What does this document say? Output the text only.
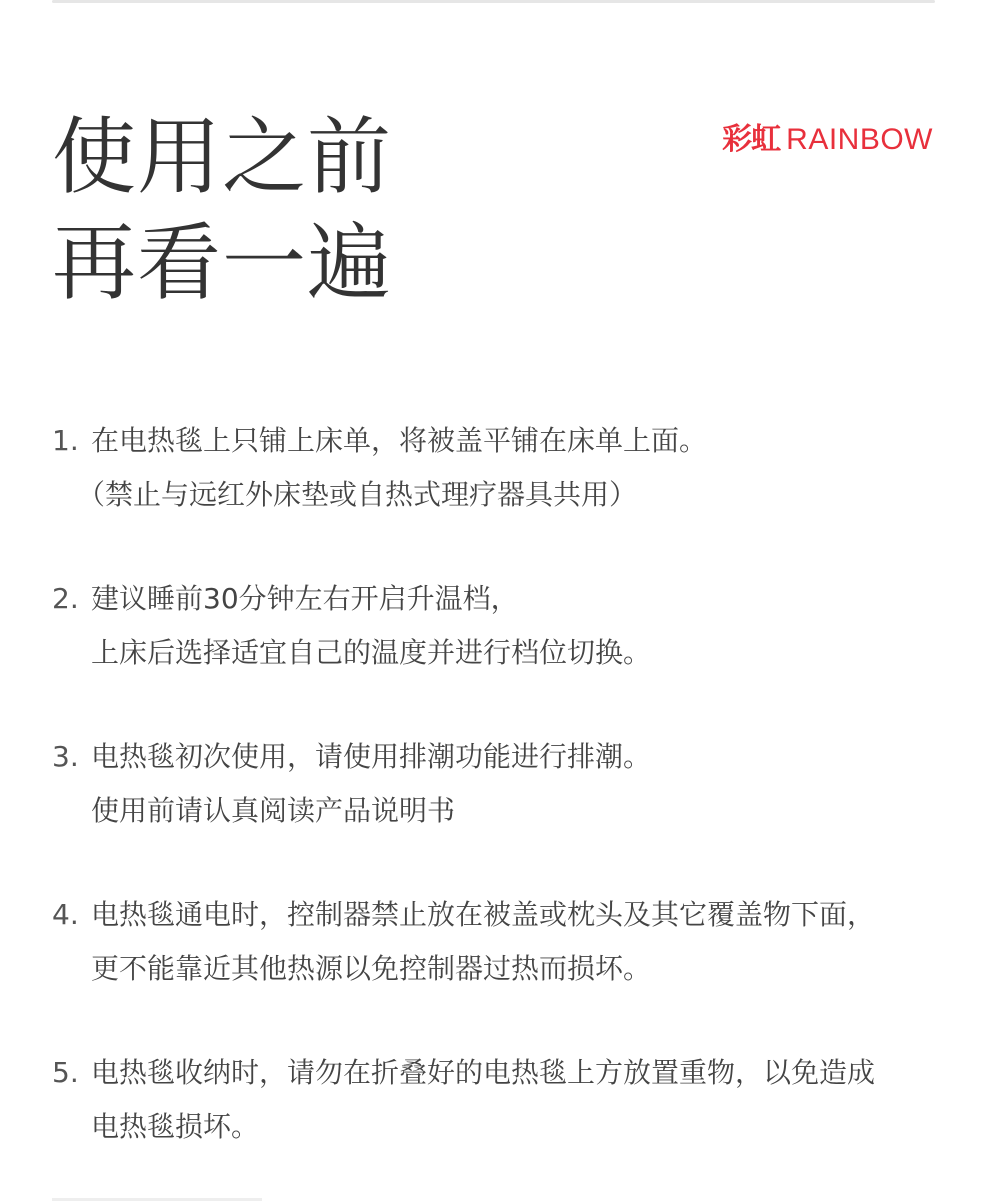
使用之前
再看一遍
彩虹 RAINBOW
1. 在电热毯上只铺上床单，将被盖平铺在床单上面。
（禁止与远红外床垫或自热式理疗器具共用）
2. 建议睡前30分钟左右开启升温档，
上床后选择适宜自己的温度并进行档位切换。
3. 电热毯初次使用，请使用排潮功能进行排潮。
使用前请认真阅读产品说明书
4. 电热毯通电时，控制器禁止放在被盖或枕头及其它覆盖物下面，
更不能靠近其他热源以免控制器过热而损坏。
5. 电热毯收纳时，请勿在折叠好的电热毯上方放置重物，以免造成
电热毯损坏。
